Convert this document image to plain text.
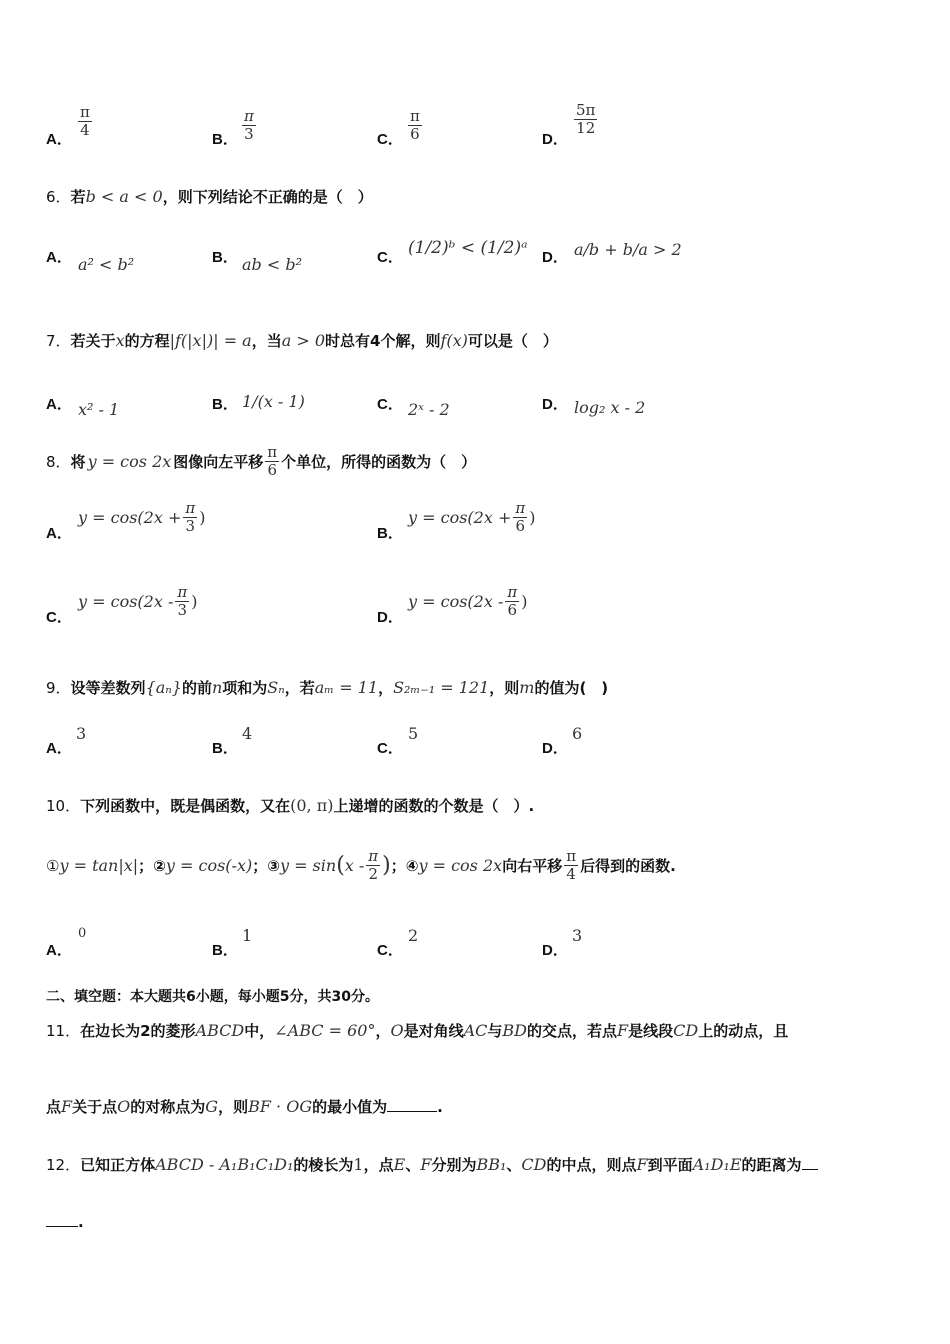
A． $\frac{\pi}{4}$	B． $\frac{\pi}{3}$	C． $\frac{\pi}{6}$	D．
$\frac{5\pi}{12}$
6．若b < a < 0，则下列结论不正确的是（　）
A． a² < b²	B． ab < b²	C． (1/2)ᵇ < (1/2)ᵃ D． a/b + b/a > 2
7．若关于x的方程|f(|x|)| = a，当a > 0时总有4个解，则f(x)可以是（　）
A． x² - 1	B． 1/(x - 1)	C． 2ˣ - 2	D． log₂ x - 2
8． 将 y = cos 2x 图像向左平移 $\frac{\pi}{6}$ 个单位，所得的函数为（　）
A．
$y = \cos(2x + \frac{\pi}{3}$ )
B．
$y = \cos(2x + \frac{\pi}{6}$ )
C．
$y = \cos(2x - \frac{\pi}{3}$ )
D．
$y = \cos(2x - \frac{\pi}{6}$ )
9．设等差数列{aₙ}的前n项和为Sₙ，若aₘ = 11，S₂ₘ₋₁ = 121，则m的值为(　)
A．
3
B．
4
C．
5
D．
6
10．下列函数中，既是偶函数，又在(0, π)上递增的函数的个数是（　）.
① y = tan|x| ； ② y = cos(-x) ； ③ y = sin ( x - $\frac{\pi}{2}$ ) ； ④ y = cos 2x 向右平移 $\frac{\pi}{4}$ 后得到的函数.
A．
0
B．
1
C．
2
D．
3
二、填空题：本大题共6小题，每小题5分，共30分。
11．在边长为2的菱形ABCD中，∠ABC = 60°，O是对角线AC与BD的交点，若点F是线段CD上的动点，且
点F关于点O的对称点为G，则BF · OG的最小值为	.
12．已知正方体ABCD - A₁B₁C₁D₁的棱长为1，点E、F分别为BB₁、CD的中点，则点F到平面A₁D₁E的距离为
.
